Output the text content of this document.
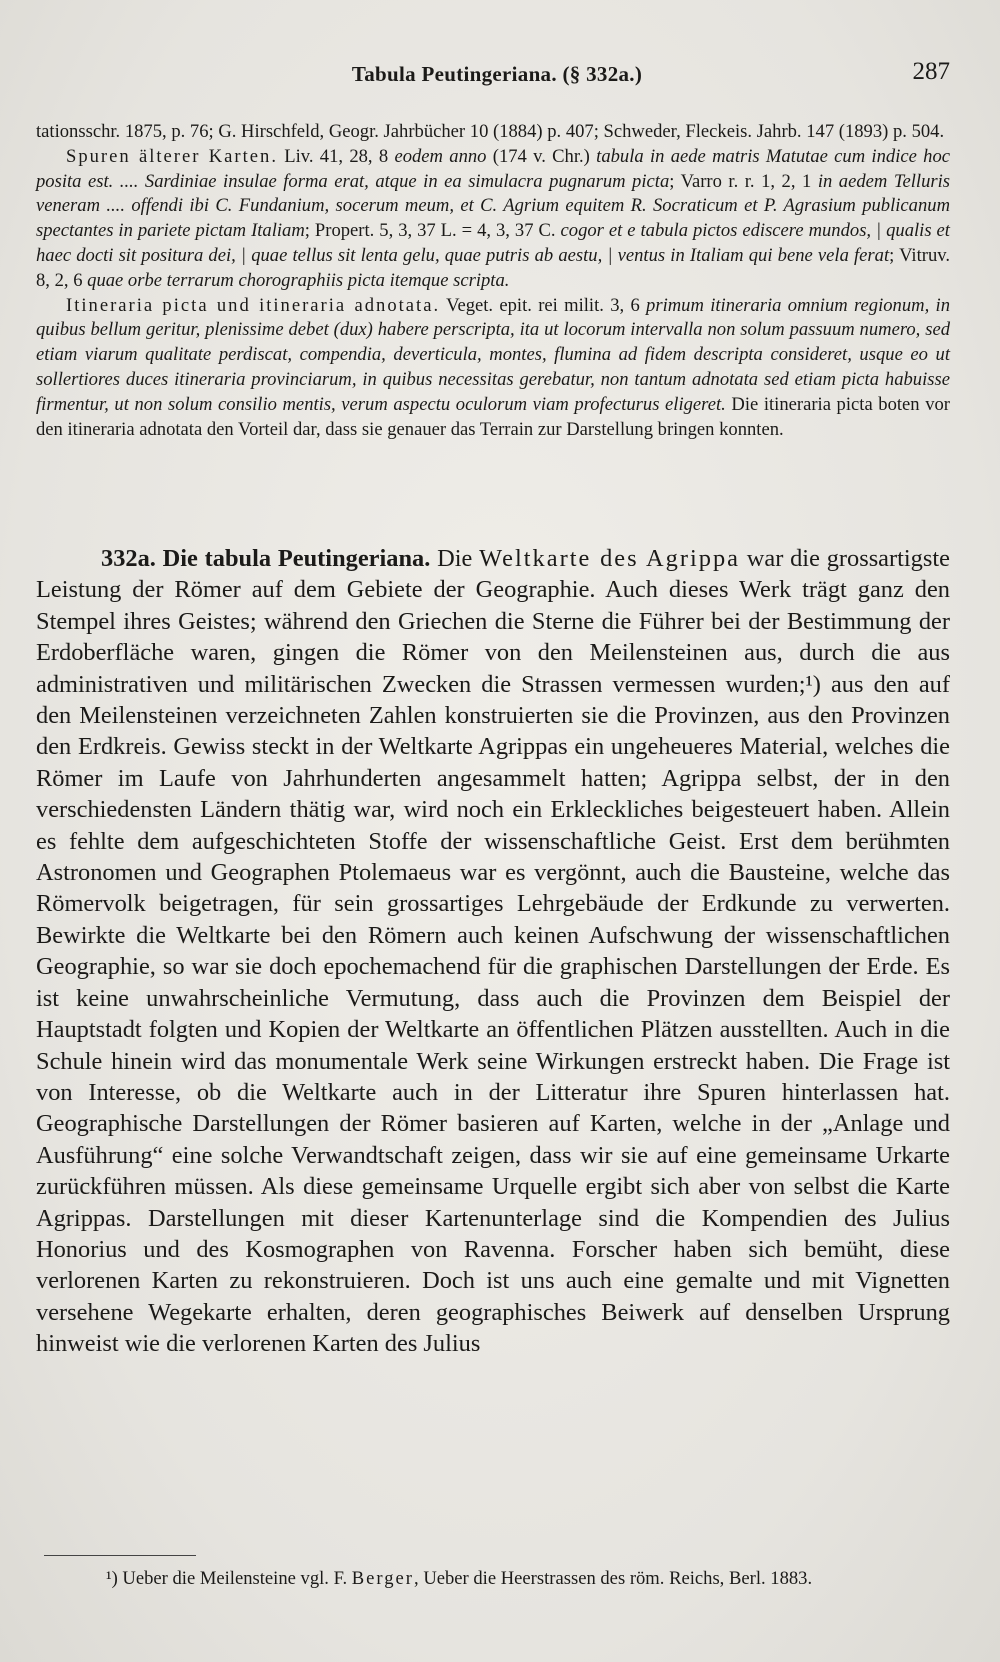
Tabula Peutingeriana. (§ 332a.)	287

tationsschr. 1875, p. 76; G. Hirschfeld, Geogr. Jahrbücher 10 (1884) p. 407; Schweder, Fleckeis. Jahrb. 147 (1893) p. 504.

Spuren älterer Karten. Liv. 41, 28, 8 eodem anno (174 v. Chr.) tabula in aede matris Matutae cum indice hoc posita est. .... Sardiniae insulae forma erat, atque in ea simulacra pugnarum picta; Varro r. r. 1, 2, 1 in aedem Telluris veneram .... offendi ibi C. Fundanium, socerum meum, et C. Agrium equitem R. Socraticum et P. Agrasium publicanum spectantes in pariete pictam Italiam; Propert. 5, 3, 37 L. = 4, 3, 37 C. cogor et e tabula pictos ediscere mundos, | qualis et haec docti sit positura dei, | quae tellus sit lenta gelu, quae putris ab aestu, | ventus in Italiam qui bene vela ferat; Vitruv. 8, 2, 6 quae orbe terrarum chorographiis picta itemque scripta.

Itineraria picta und itineraria adnotata. Veget. epit. rei milit. 3, 6 primum itineraria omnium regionum, in quibus bellum geritur, plenissime debet (dux) habere perscripta, ita ut locorum intervalla non solum passuum numero, sed etiam viarum qualitate perdiscat, compendia, deverticula, montes, flumina ad fidem descripta consideret, usque eo ut sollertiores duces itineraria provinciarum, in quibus necessitas gerebatur, non tantum adnotata sed etiam picta habuisse firmentur, ut non solum consilio mentis, verum aspectu oculorum viam profecturus eligeret. Die itineraria picta boten vor den itineraria adnotata den Vorteil dar, dass sie genauer das Terrain zur Darstellung bringen konnten.

332a. Die tabula Peutingeriana. Die Weltkarte des Agrippa war die grossartigste Leistung der Römer auf dem Gebiete der Geographie. Auch dieses Werk trägt ganz den Stempel ihres Geistes; während den Griechen die Sterne die Führer bei der Bestimmung der Erdoberfläche waren, gingen die Römer von den Meilensteinen aus, durch die aus administrativen und militärischen Zwecken die Strassen vermessen wurden;¹) aus den auf den Meilensteinen verzeichneten Zahlen konstruierten sie die Provinzen, aus den Provinzen den Erdkreis. Gewiss steckt in der Weltkarte Agrippas ein ungeheueres Material, welches die Römer im Laufe von Jahrhunderten angesammelt hatten; Agrippa selbst, der in den verschiedensten Ländern thätig war, wird noch ein Erkleckliches beigesteuert haben. Allein es fehlte dem aufgeschichteten Stoffe der wissenschaftliche Geist. Erst dem berühmten Astronomen und Geographen Ptolemaeus war es vergönnt, auch die Bausteine, welche das Römervolk beigetragen, für sein grossartiges Lehrgebäude der Erdkunde zu verwerten. Bewirkte die Weltkarte bei den Römern auch keinen Aufschwung der wissenschaftlichen Geographie, so war sie doch epochemachend für die graphischen Darstellungen der Erde. Es ist keine unwahrscheinliche Vermutung, dass auch die Provinzen dem Beispiel der Hauptstadt folgten und Kopien der Weltkarte an öffentlichen Plätzen ausstellten. Auch in die Schule hinein wird das monumentale Werk seine Wirkungen erstreckt haben. Die Frage ist von Interesse, ob die Weltkarte auch in der Litteratur ihre Spuren hinterlassen hat. Geographische Darstellungen der Römer basieren auf Karten, welche in der „Anlage und Ausführung“ eine solche Verwandtschaft zeigen, dass wir sie auf eine gemeinsame Urkarte zurückführen müssen. Als diese gemeinsame Urquelle ergibt sich aber von selbst die Karte Agrippas. Darstellungen mit dieser Kartenunterlage sind die Kompendien des Julius Honorius und des Kosmographen von Ravenna. Forscher haben sich bemüht, diese verlorenen Karten zu rekonstruieren. Doch ist uns auch eine gemalte und mit Vignetten versehene Wegekarte erhalten, deren geographisches Beiwerk auf denselben Ursprung hinweist wie die verlorenen Karten des Julius

¹) Ueber die Meilensteine vgl. F. Berger, Ueber die Heerstrassen des röm. Reichs, Berl. 1883.
